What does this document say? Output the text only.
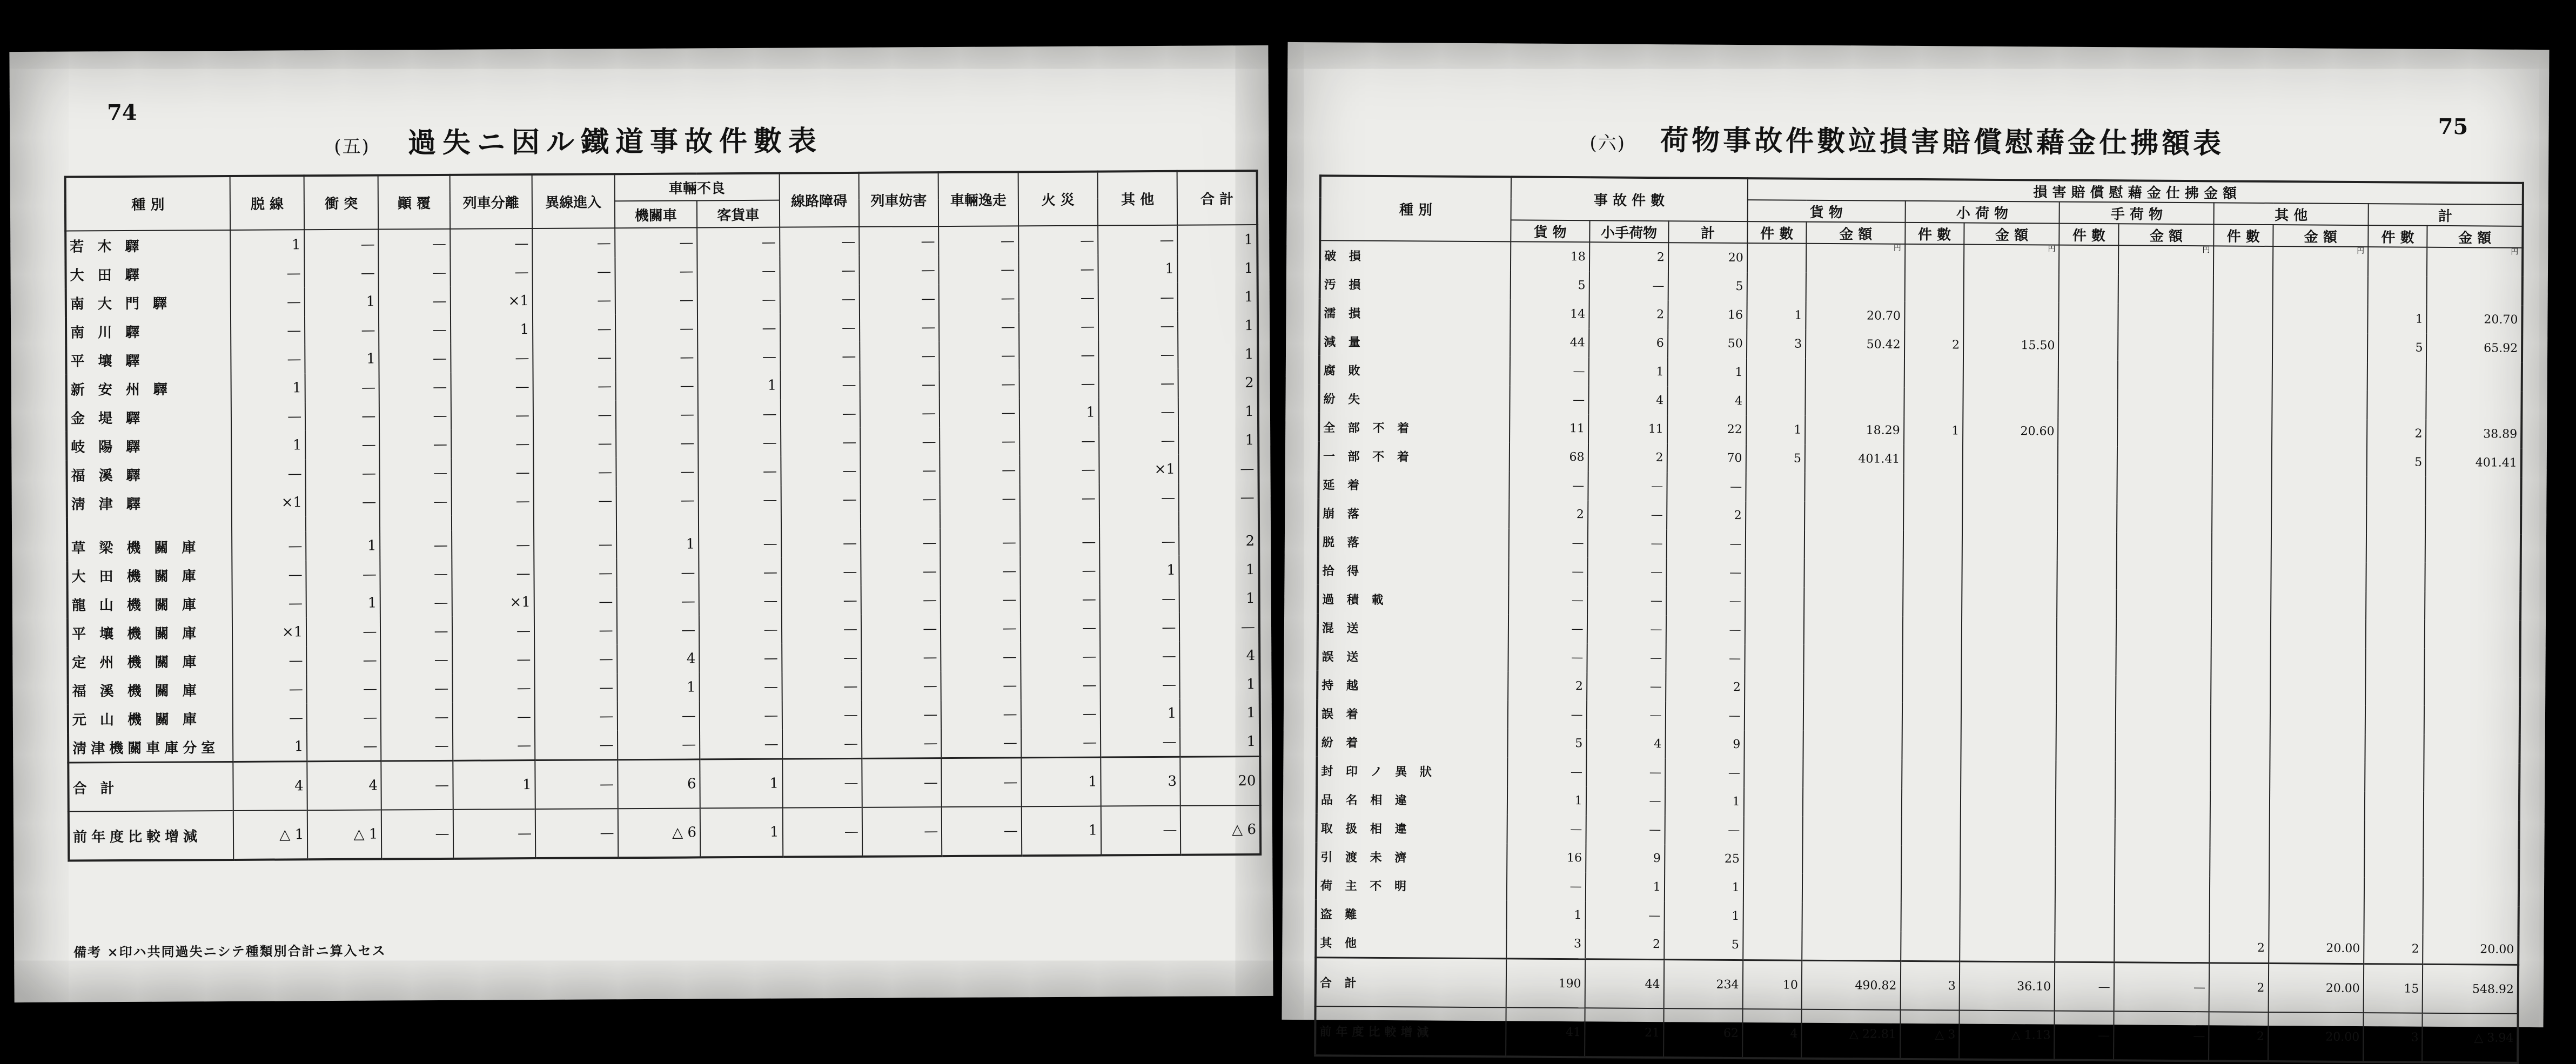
74
(五) 過失ニ因ル鐵道事故件數表
種 別	脱 線	衝 突	顚 覆	列車分離	異線進入	車輛不良		線路障碍	列車妨害	車輛逸走	火 災	其 他	合 計
						機關車	客貨車						
若 木 驛	1	—	—	—	—	—	—	—	—	—	—	—	1
大 田 驛	—	—	—	—	—	—	—	—	—	—	—	1	1
南 大 門 驛	—	1	—	×1	—	—	—	—	—	—	—	—	1
南 川 驛	—	—	—	1	—	—	—	—	—	—	—	—	1
平 壤 驛	—	1	—	—	—	—	—	—	—	—	—	—	1
新 安 州 驛	1	—	—	—	—	—	1	—	—	—	—	—	2
金 堤 驛	—	—	—	—	—	—	—	—	—	—	1	—	1
岐 陽 驛	1	—	—	—	—	—	—	—	—	—	—	—	1
福 溪 驛	—	—	—	—	—	—	—	—	—	—	—	×1	—
淸 津 驛	×1	—	—	—	—	—	—	—	—	—	—	—	—

草 梁 機 關 庫	—	1	—	—	—	1	—	—	—	—	—	—	2
大 田 機 關 庫	—	—	—	—	—	—	—	—	—	—	—	1	1
龍 山 機 關 庫	—	1	—	×1	—	—	—	—	—	—	—	—	1
平 壤 機 關 庫	×1	—	—	—	—	—	—	—	—	—	—	—	—
定 州 機 關 庫	—	—	—	—	—	4	—	—	—	—	—	—	4
福 溪 機 關 庫	—	—	—	—	—	1	—	—	—	—	—	—	1
元 山 機 關 庫	—	—	—	—	—	—	—	—	—	—	—	1	1
淸津機關車庫分室	1	—	—	—	—	—	—	—	—	—	—	—	1
合 計	4	4	—	1	—	6	1	—	—	—	1	3	20
前年度比較增減	△ 1	△ 1	—	—	—	△ 6	1	—	—	—	1	—	△ 6
備考 ×印ハ共同過失ニシテ種類別合計ニ算入セス
(六) 荷物事故件數竝損害賠償慰藉金仕拂額表	75
種 別	事 故 件 數			損 害 賠 償 慰 藉 金 仕 拂 金 額									
				貨 物		小 荷 物		手 荷 物		其 他		計	
	貨 物	小手荷物	計	件 數	金 額	件 數	金 額	件 數	金 額	件 數	金 額	件 數	金 額
破 損	18	2	20		円		円		円		円		円

汚 損	5	—	5										
濡 損	14	2	16	1	20.70							1	20.70
減 量	44	6	50	3	50.42	2	15.50					5	65.92
腐 敗	—	1	1										
紛 失	—	4	4										
全 部 不 着	11	11	22	1	18.29	1	20.60					2	38.89
一 部 不 着	68	2	70	5	401.41							5	401.41
延 着	—	—	—										
崩 落	2	—	2										
脱 落	—	—	—										
拾 得	—	—	—										
過 積 載	—	—	—										
混 送	—	—	—										
誤 送	—	—	—										
持 越	2	—	2										
誤 着	—	—	—										
紛 着	5	4	9										
封 印 ノ 異 狀	—	—	—										
品 名 相 違	1	—	1										
取 扱 相 違	—	—	—										
引 渡 未 濟	16	9	25										
荷 主 不 明	—	1	1										
盗 難	1	—	1										
其 他	3	2	5							2	20.00	2	20.00
合 計	190	44	234	10	490.82	3	36.10	—	—	2	20.00	15	548.92
前年度比較增減	41	21	62	4	△ 22.81	△ 3	△ 1.13	—	—	2	20.00	3	△ 3.94
